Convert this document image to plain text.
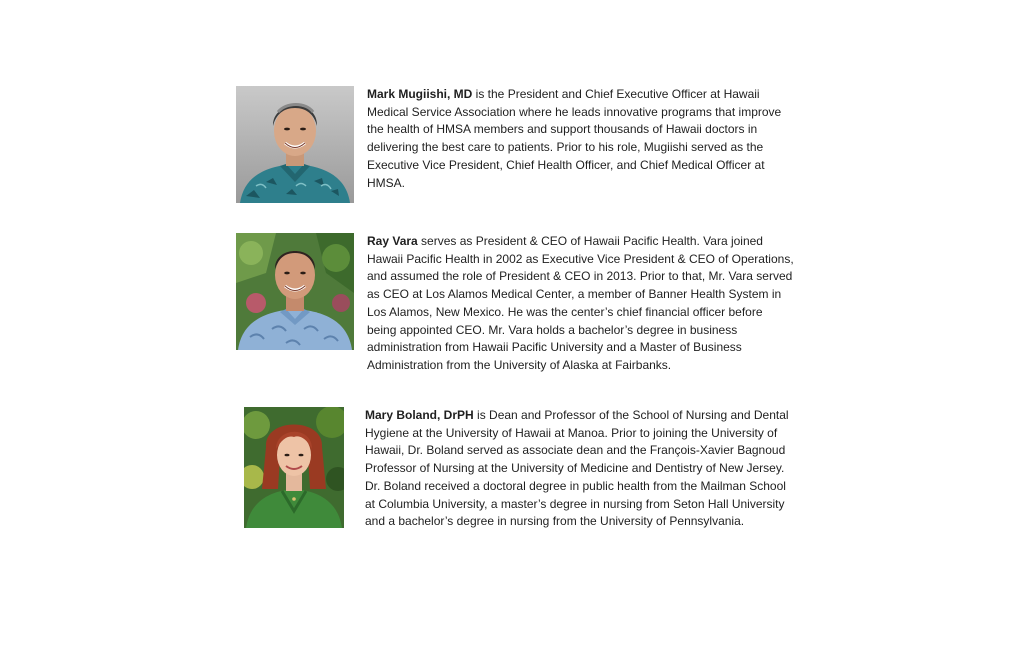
Mark Mugiishi, MD is the President and Chief Executive Officer at Hawaii Medical Service Association where he leads innovative programs that improve the health of HMSA members and support thousands of Hawaii doctors in delivering the best care to patients. Prior to his role, Mugiishi served as the Executive Vice President, Chief Health Officer, and Chief Medical Officer at HMSA.

Ray Vara serves as President & CEO of Hawaii Pacific Health. Vara joined Hawaii Pacific Health in 2002 as Executive Vice President & CEO of Operations, and assumed the role of President & CEO in 2013. Prior to that, Mr. Vara served as CEO at Los Alamos Medical Center, a member of Banner Health System in Los Alamos, New Mexico. He was the center’s chief financial officer before being appointed CEO. Mr. Vara holds a bachelor’s degree in business administration from Hawaii Pacific University and a Master of Business Administration from the University of Alaska at Fairbanks.

Mary Boland, DrPH is Dean and Professor of the School of Nursing and Dental Hygiene at the University of Hawaii at Manoa. Prior to joining the University of Hawaii, Dr. Boland served as associate dean and the François-Xavier Bagnoud Professor of Nursing at the University of Medicine and Dentistry of New Jersey. Dr. Boland received a doctoral degree in public health from the Mailman School at Columbia University, a master’s degree in nursing from Seton Hall University and a bachelor’s degree in nursing from the University of Pennsylvania.
